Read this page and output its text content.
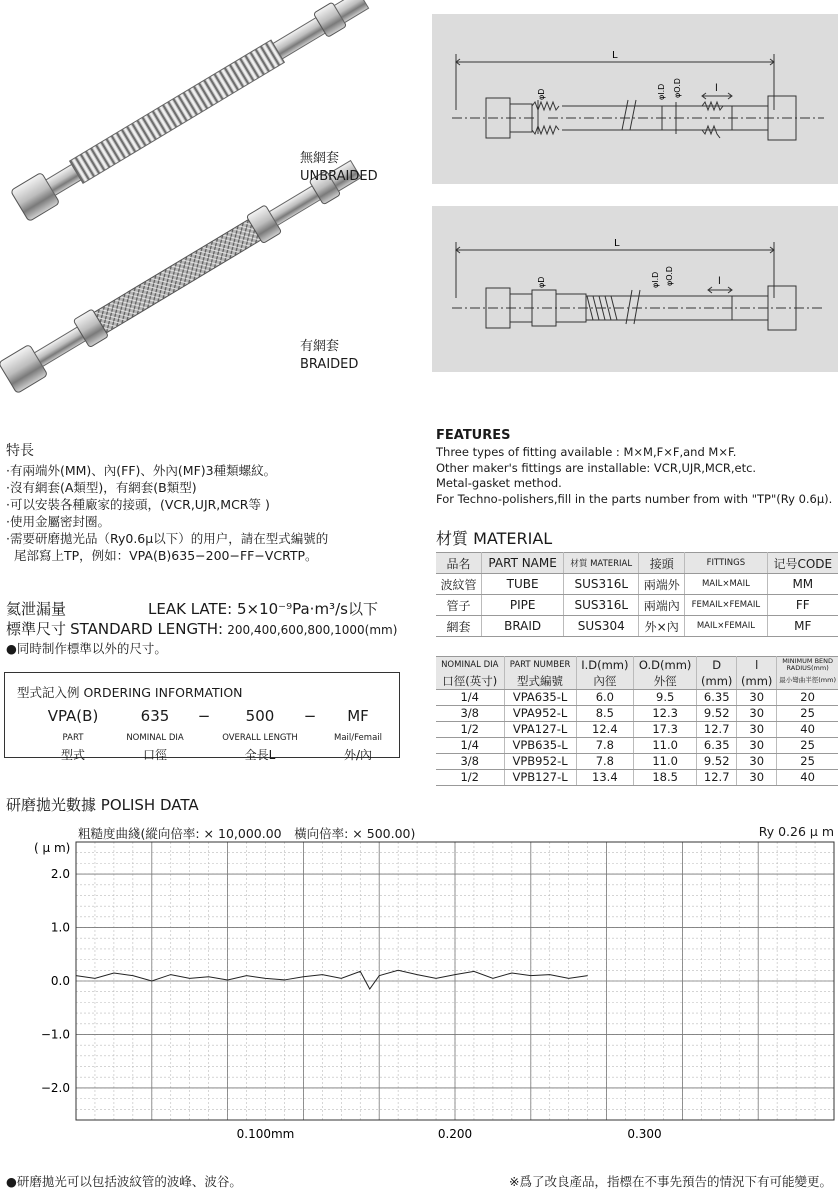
無網套
UNBRAIDED
有網套
BRAIDED
L
l
φD	φI.D φO.D
L
l
φD	φI.D φO.D
特長
·有兩端外(MM)、內(FF)、外內(MF)3種類螺紋。
·沒有網套(A類型)，有網套(B類型)
·可以安裝各種廠家的接頭，(VCR,UJR,MCR等 )
·使用金屬密封圈。
·需要研磨拋光品（Ry0.6μ以下）的用户，請在型式編號的
尾部寫上TP，例如：VPA(B)635−200−FF−VCRTP。
氦泄漏量	LEAK LATE: 5×10⁻⁹Pa·m³/s以下
標準尺寸 STANDARD LENGTH: 200,400,600,800,1000(mm)
●同時制作標準以外的尺寸。
型式記入例 ORDERING INFORMATION
VPA(B)
PART
型式
635
NOMINAL DIA
口徑
−	500
OVERALL LENGTH
全長L
−	MF
Mail/Femail
外/內
FEATURES
Three types of fitting available : M×M,F×F,and M×F.
Other maker's fittings are installable: VCR,UJR,MCR,etc.
Metal-gasket method.
For Techno-polishers,fill in the parts number from with "TP"(Ry 0.6μ).
材質 MATERIAL
品名	PART NAME	材質 MATERIAL	接頭	FITTINGS	记号CODE
波紋管	TUBE	SUS316L	兩端外	MAIL×MAIL	MM
管子	PIPE	SUS316L	兩端內	FEMAIL×FEMAIL	FF
網套	BRAID	SUS304	外×內	MAIL×FEMAIL	MF
NOMINAL DIA	PART NUMBER	I.D(mm)	O.D(mm)	D	l	MINIMUM BEND RADIUS(mm)
口徑(英寸)	型式編號	內徑	外徑	(mm)	(mm)	最小彎曲半徑(mm)
1/4	VPA635-L	6.0	9.5	6.35	30	20
3/8	VPA952-L	8.5	12.3	9.52	30	25
1/2	VPA127-L	12.4	17.3	12.7	30	40
1/4	VPB635-L	7.8	11.0	6.35	30	25
3/8	VPB952-L	7.8	11.0	9.52	30	25
1/2	VPB127-L	13.4	18.5	12.7	30	40
研磨拋光數據 POLISH DATA
粗糙度曲綫(縱向倍率: × 10,000.00　橫向倍率: × 500.00)	Ry 0.26 μ m
2.0
1.0
0.0
−1.0
−2.0
0.100mm	0.200	0.300
( μ m)
●研磨拋光可以包括波紋管的波峰、波谷。	※爲了改良產品，指標在不事先預告的情況下有可能變更。
